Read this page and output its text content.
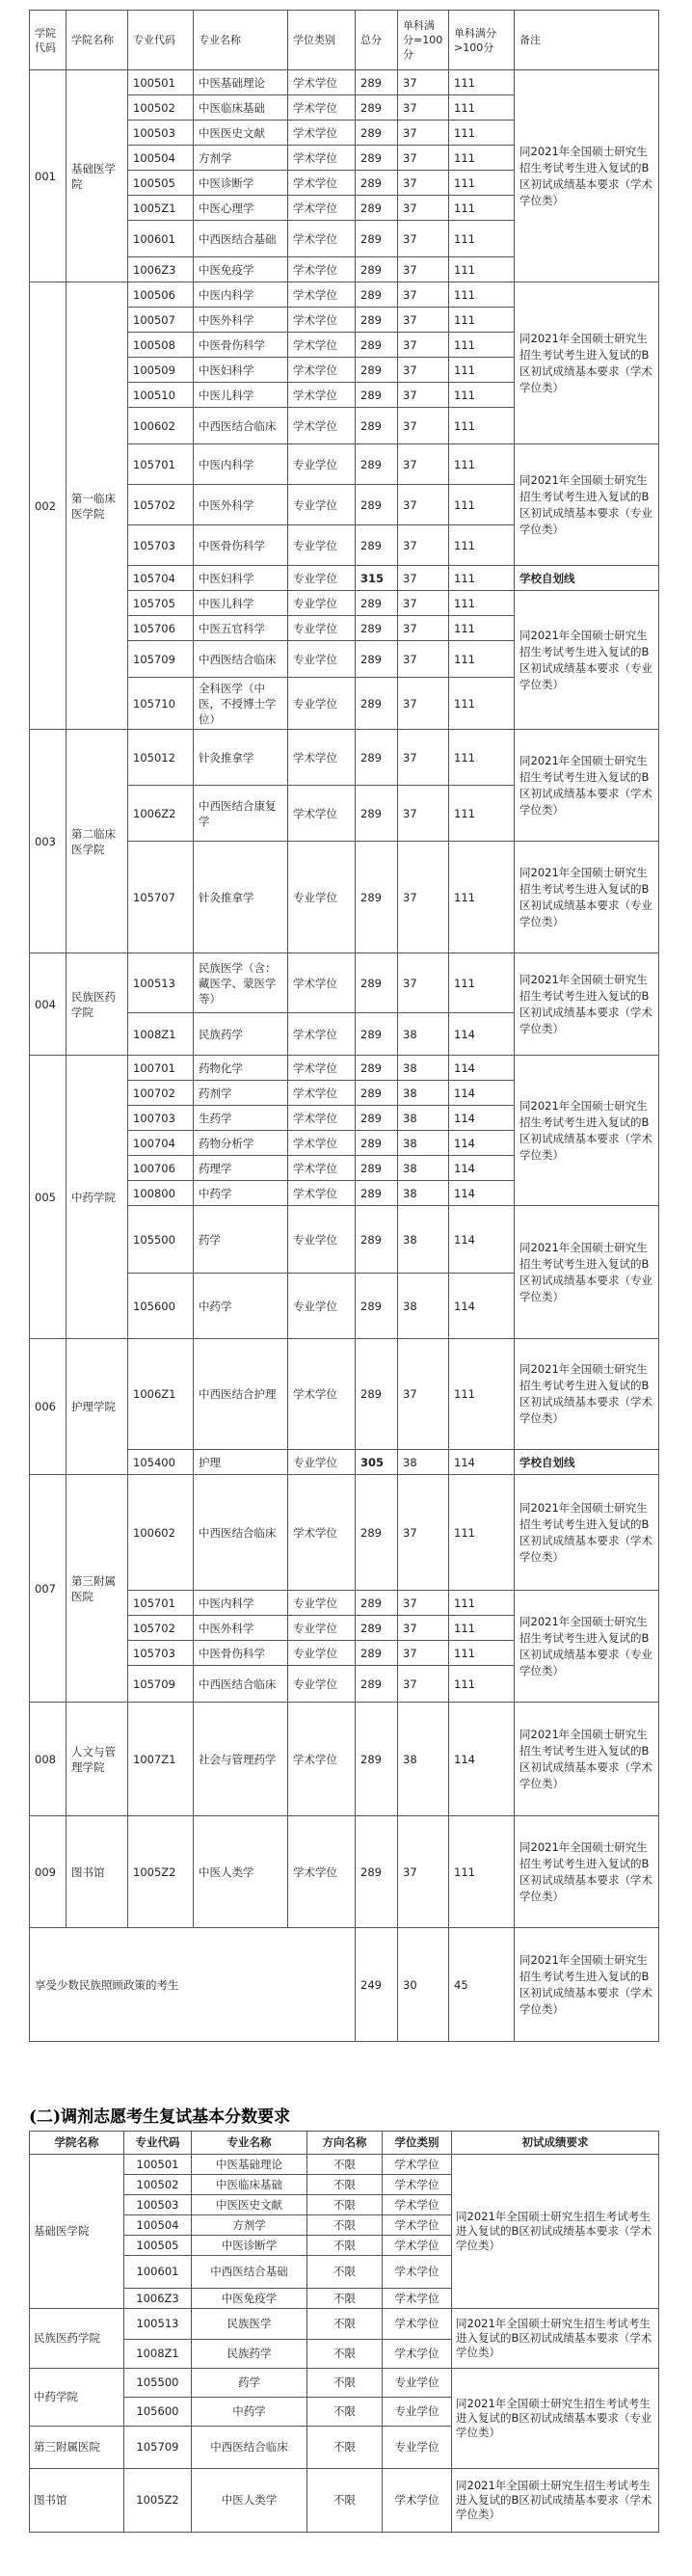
学院代码	学院名称	专业代码	专业名称	学位类别	总分	单科满分=100分	单科满分>100分	备注
001	基础医学院	100501	中医基础理论	学术学位	289	37	111	同2021年全国硕士研究生招生考试考生进入复试的B区初试成绩基本要求（学术学位类）
		100502	中医临床基础	学术学位	289	37	111	
		100503	中医医史文献	学术学位	289	37	111	
		100504	方剂学	学术学位	289	37	111	
		100505	中医诊断学	学术学位	289	37	111	
		1005Z1	中医心理学	学术学位	289	37	111	
		100601	中西医结合基础	学术学位	289	37	111	
		1006Z3	中医免疫学	学术学位	289	37	111	
002	第一临床医学院	100506	中医内科学	学术学位	289	37	111	同2021年全国硕士研究生招生考试考生进入复试的B区初试成绩基本要求（学术学位类）
		100507	中医外科学	学术学位	289	37	111	
		100508	中医骨伤科学	学术学位	289	37	111	
		100509	中医妇科学	学术学位	289	37	111	
		100510	中医儿科学	学术学位	289	37	111	
		100602	中西医结合临床	学术学位	289	37	111	
		105701	中医内科学	专业学位	289	37	111	同2021年全国硕士研究生招生考试考生进入复试的B区初试成绩基本要求（专业学位类）
		105702	中医外科学	专业学位	289	37	111	
		105703	中医骨伤科学	专业学位	289	37	111	
		105704	中医妇科学	专业学位	315	37	111	学校自划线
		105705	中医儿科学	专业学位	289	37	111	同2021年全国硕士研究生招生考试考生进入复试的B区初试成绩基本要求（专业学位类）
		105706	中医五官科学	专业学位	289	37	111	
		105709	中西医结合临床	专业学位	289	37	111	
		105710	全科医学（中医，不授博士学位）	专业学位	289	37	111	
003	第二临床医学院	105012	针灸推拿学	学术学位	289	37	111	同2021年全国硕士研究生招生考试考生进入复试的B区初试成绩基本要求（学术学位类）
		1006Z2	中西医结合康复学	学术学位	289	37	111	
		105707	针灸推拿学	专业学位	289	37	111	同2021年全国硕士研究生招生考试考生进入复试的B区初试成绩基本要求（专业学位类）
004	民族医药学院	100513	民族医学（含：藏医学、蒙医学等）	学术学位	289	37	111	同2021年全国硕士研究生招生考试考生进入复试的B区初试成绩基本要求（学术学位类）
		1008Z1	民族药学	学术学位	289	38	114	
005	中药学院	100701	药物化学	学术学位	289	38	114	同2021年全国硕士研究生招生考试考生进入复试的B区初试成绩基本要求（学术学位类）
		100702	药剂学	学术学位	289	38	114	
		100703	生药学	学术学位	289	38	114	
		100704	药物分析学	学术学位	289	38	114	
		100706	药理学	学术学位	289	38	114	
		100800	中药学	学术学位	289	38	114	
		105500	药学	专业学位	289	38	114	同2021年全国硕士研究生招生考试考生进入复试的B区初试成绩基本要求（专业学位类）
		105600	中药学	专业学位	289	38	114	
006	护理学院	1006Z1	中西医结合护理	学术学位	289	37	111	同2021年全国硕士研究生招生考试考生进入复试的B区初试成绩基本要求（学术学位类）
		105400	护理	专业学位	305	38	114	学校自划线
007	第三附属医院	100602	中西医结合临床	学术学位	289	37	111	同2021年全国硕士研究生招生考试考生进入复试的B区初试成绩基本要求（学术学位类）
		105701	中医内科学	专业学位	289	37	111	同2021年全国硕士研究生招生考试考生进入复试的B区初试成绩基本要求（专业学位类）
		105702	中医外科学	专业学位	289	37	111	
		105703	中医骨伤科学	专业学位	289	37	111	
		105709	中西医结合临床	专业学位	289	37	111	
008	人文与管理学院	1007Z1	社会与管理药学	学术学位	289	38	114	同2021年全国硕士研究生招生考试考生进入复试的B区初试成绩基本要求（学术学位类）
009	图书馆	1005Z2	中医人类学	学术学位	289	37	111	同2021年全国硕士研究生招生考试考生进入复试的B区初试成绩基本要求（学术学位类）
享受少数民族照顾政策的考生					249	30	45	同2021年全国硕士研究生招生考试考生进入复试的B区初试成绩基本要求（学术学位类）
(二)调剂志愿考生复试基本分数要求
学院名称	专业代码	专业名称	方向名称	学位类别	初试成绩要求
基础医学院	100501	中医基础理论	不限	学术学位	同2021年全国硕士研究生招生考试考生进入复试的B区初试成绩基本要求（学术学位类）
	100502	中医临床基础	不限	学术学位	
	100503	中医医史文献	不限	学术学位	
	100504	方剂学	不限	学术学位	
	100505	中医诊断学	不限	学术学位	
	100601	中西医结合基础	不限	学术学位	
	1006Z3	中医免疫学	不限	学术学位	
民族医药学院	100513	民族医学	不限	学术学位	同2021年全国硕士研究生招生考试考生进入复试的B区初试成绩基本要求（学术学位类）
	1008Z1	民族药学	不限	学术学位	
中药学院	105500	药学	不限	专业学位	同2021年全国硕士研究生招生考试考生进入复试的B区初试成绩基本要求（专业学位类）
	105600	中药学	不限	专业学位	
第三附属医院	105709	中西医结合临床	不限	专业学位	
图书馆	1005Z2	中医人类学	不限	学术学位	同2021年全国硕士研究生招生考试考生进入复试的B区初试成绩基本要求（学术学位类）
